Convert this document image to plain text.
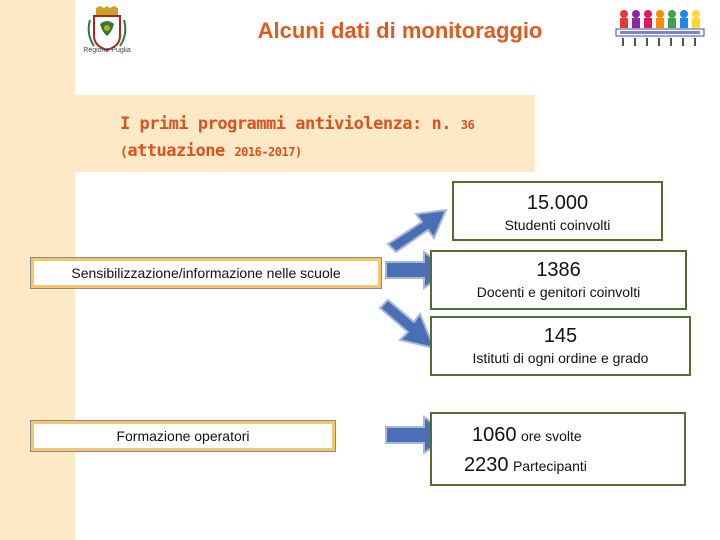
Regione Puglia
Alcuni dati di monitoraggio
I primi programmi antiviolenza: n. 36
(attuazione 2016-2017)
Sensibilizzazione/informazione nelle scuole
Formazione operatori
15.000
Studenti coinvolti
1386
Docenti e genitori coinvolti
145
Istituti di ogni ordine e grado
1060 ore svolte
2230 Partecipanti
